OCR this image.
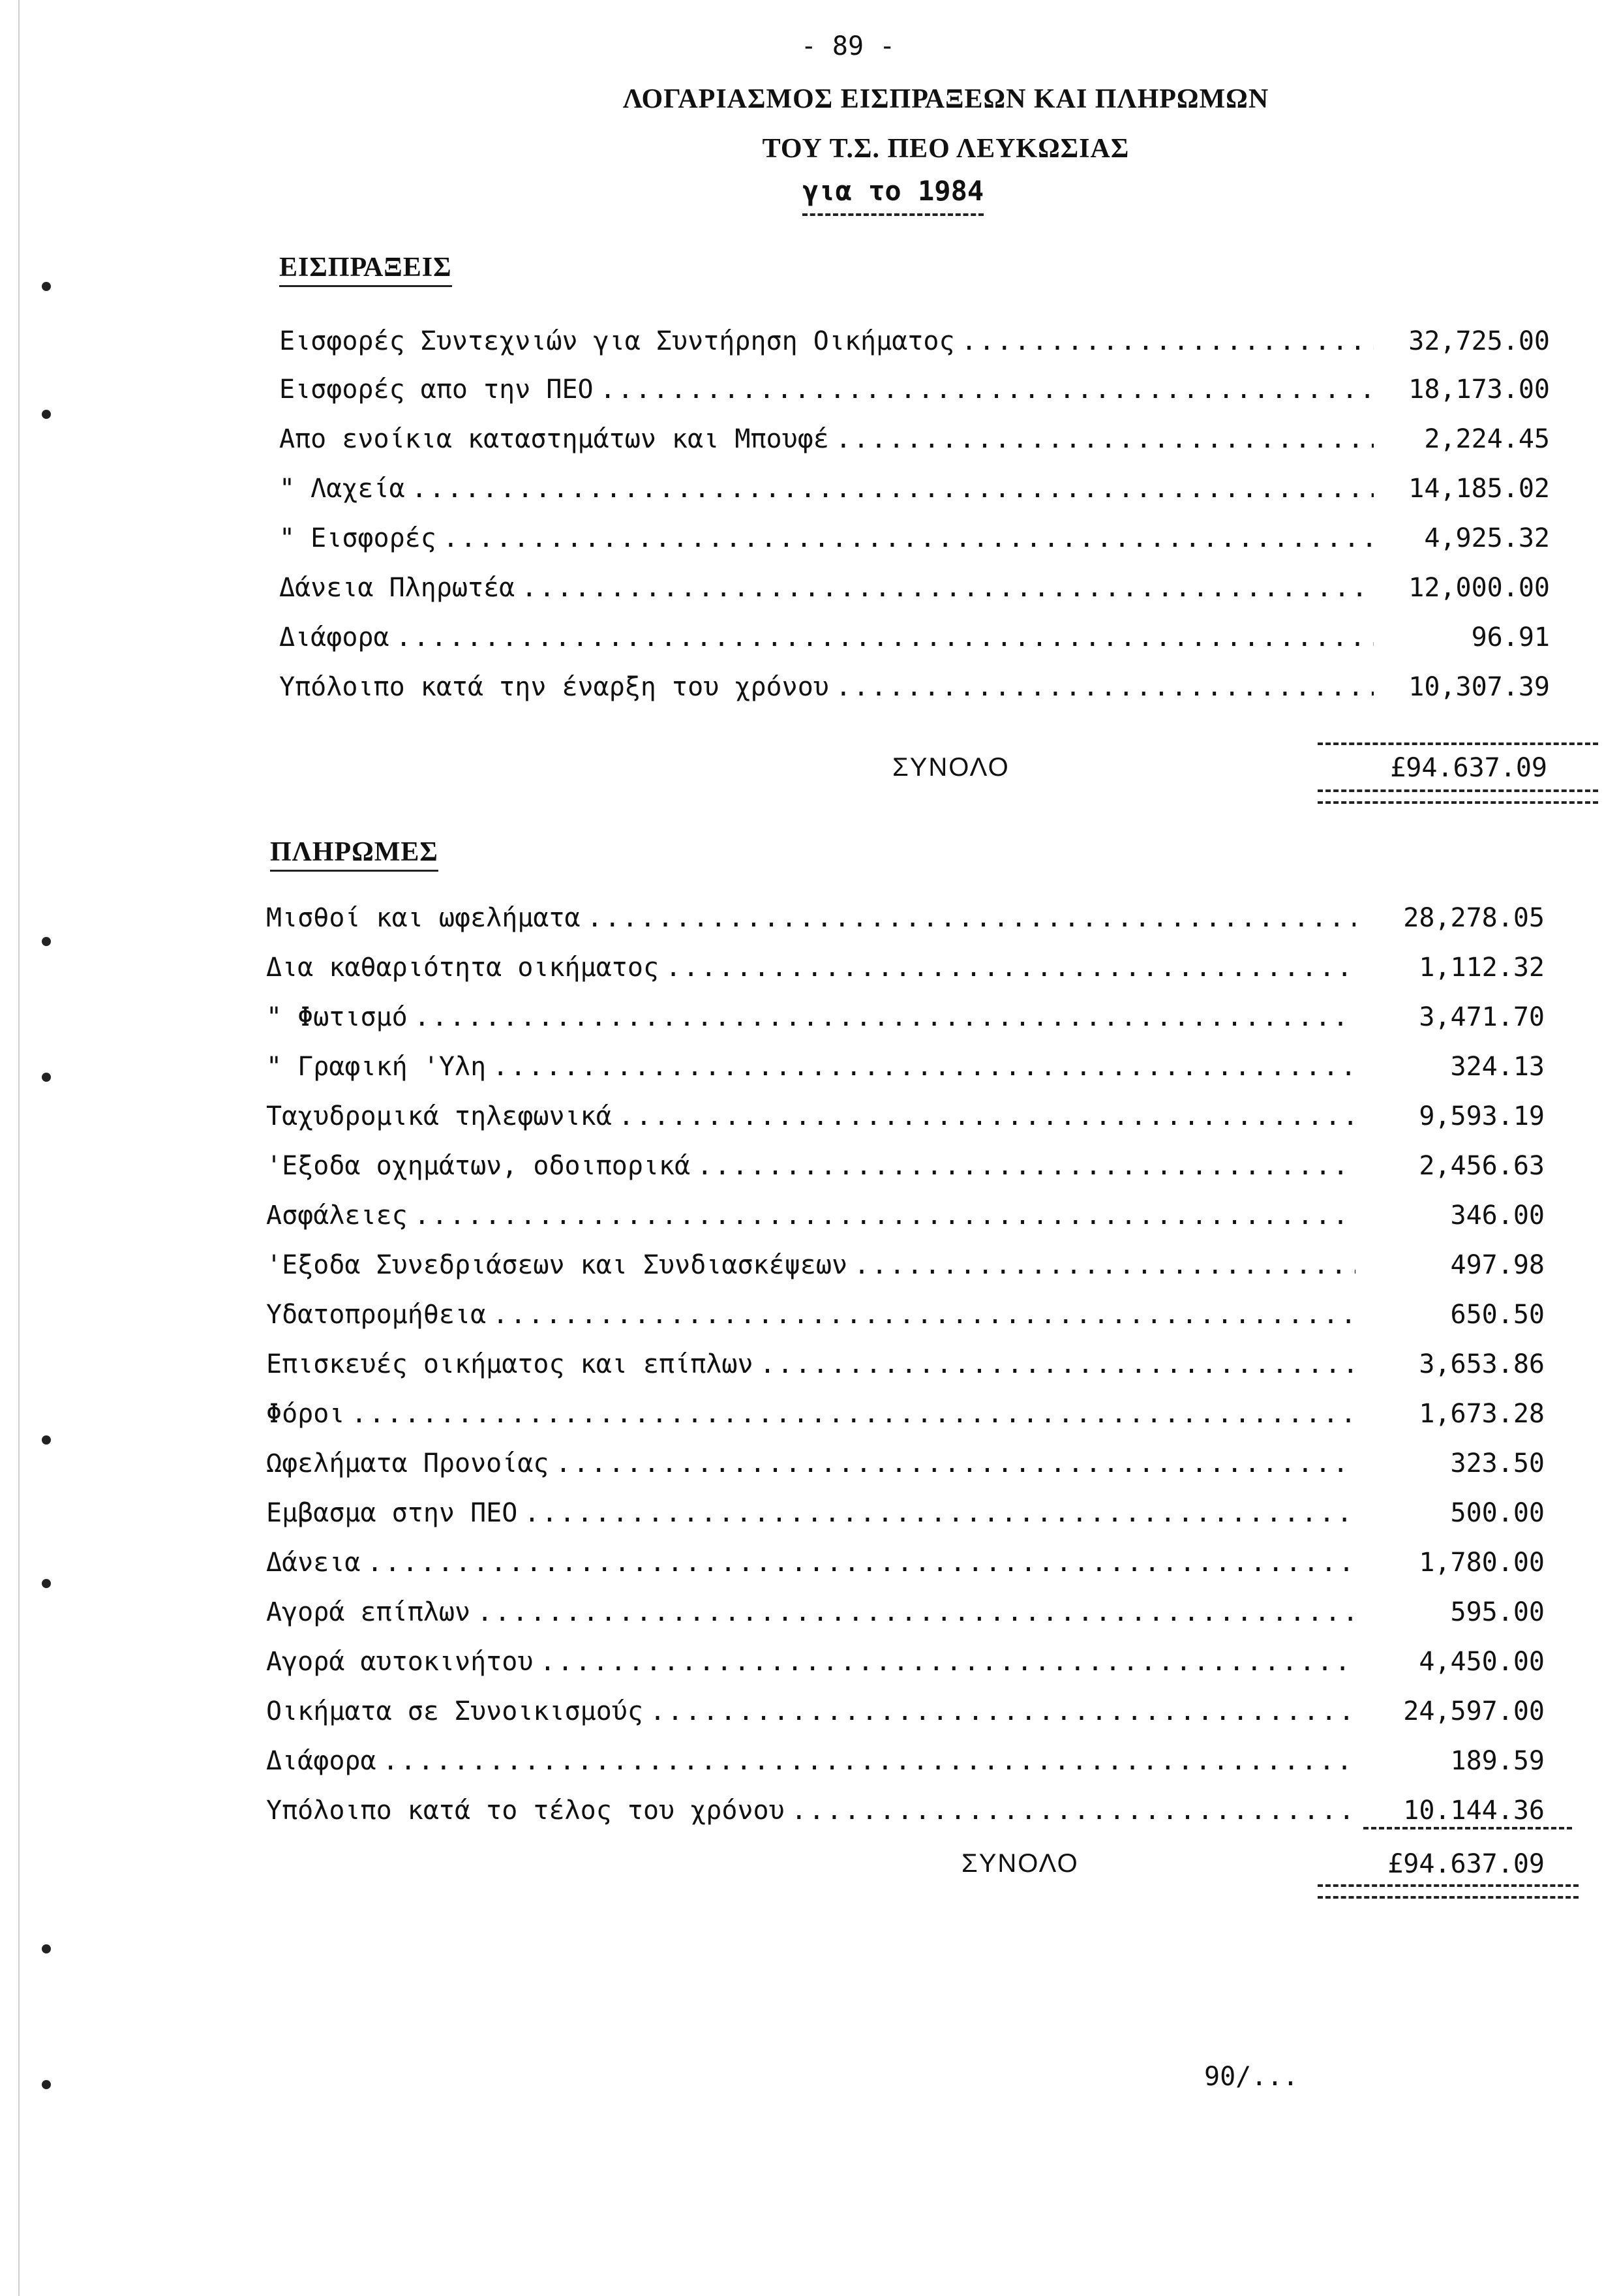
- 89 -
ΛΟΓΑΡΙΑΣΜΟΣ ΕΙΣΠΡΑΞΕΩΝ ΚΑΙ ΠΛΗΡΩΜΩΝ
ΤΟΥ Τ.Σ. ΠΕΟ ΛΕΥΚΩΣΙΑΣ
για το 1984
ΕΙΣΠΡΑΞΕΙΣ
Εισφορές Συντεχνιών για Συντήρηση Οικήματος .....	32,725.00
Εισφορές απο την ΠΕΟ .....	18,173.00
Απο ενοίκια καταστημάτων και Μπουφέ .....	2,224.45
" Λαχεία .....	14,185.02
" Εισφορές .....	4,925.32
Δάνεια Πληρωτέα .....	12,000.00
Διάφορα .....	96.91
Υπόλοιπο κατά την έναρξη του χρόνου .....	10,307.39
ΣΥΝΟΛΟ	£94.637.09
ΠΛΗΡΩΜΕΣ
Μισθοί και ωφελήματα .....	28,278.05
Δια καθαριότητα οικήματος .....	1,112.32
" Φωτισμό .....	3,471.70
" Γραφική 'Υλη .....	324.13
Ταχυδρομικά τηλεφωνικά .....	9,593.19
'Εξοδα οχημάτων, οδοιπορικά .....	2,456.63
Ασφάλειες .....	346.00
'Εξοδα Συνεδριάσεων και Συνδιασκέψεων .....	497.98
Υδατοπρομήθεια .....	650.50
Επισκευές οικήματος και επίπλων .....	3,653.86
Φόροι .....	1,673.28
Ωφελήματα Προνοίας .....	323.50
Εμβασμα στην ΠΕΟ .....	500.00
Δάνεια .....	1,780.00
Αγορά επίπλων .....	595.00
Αγορά αυτοκινήτου .....	4,450.00
Οικήματα σε Συνοικισμούς .....	24,597.00
Διάφορα .....	189.59
Υπόλοιπο κατά το τέλος του χρόνου .....	10.144.36
ΣΥΝΟΛΟ	£94.637.09
90/...
